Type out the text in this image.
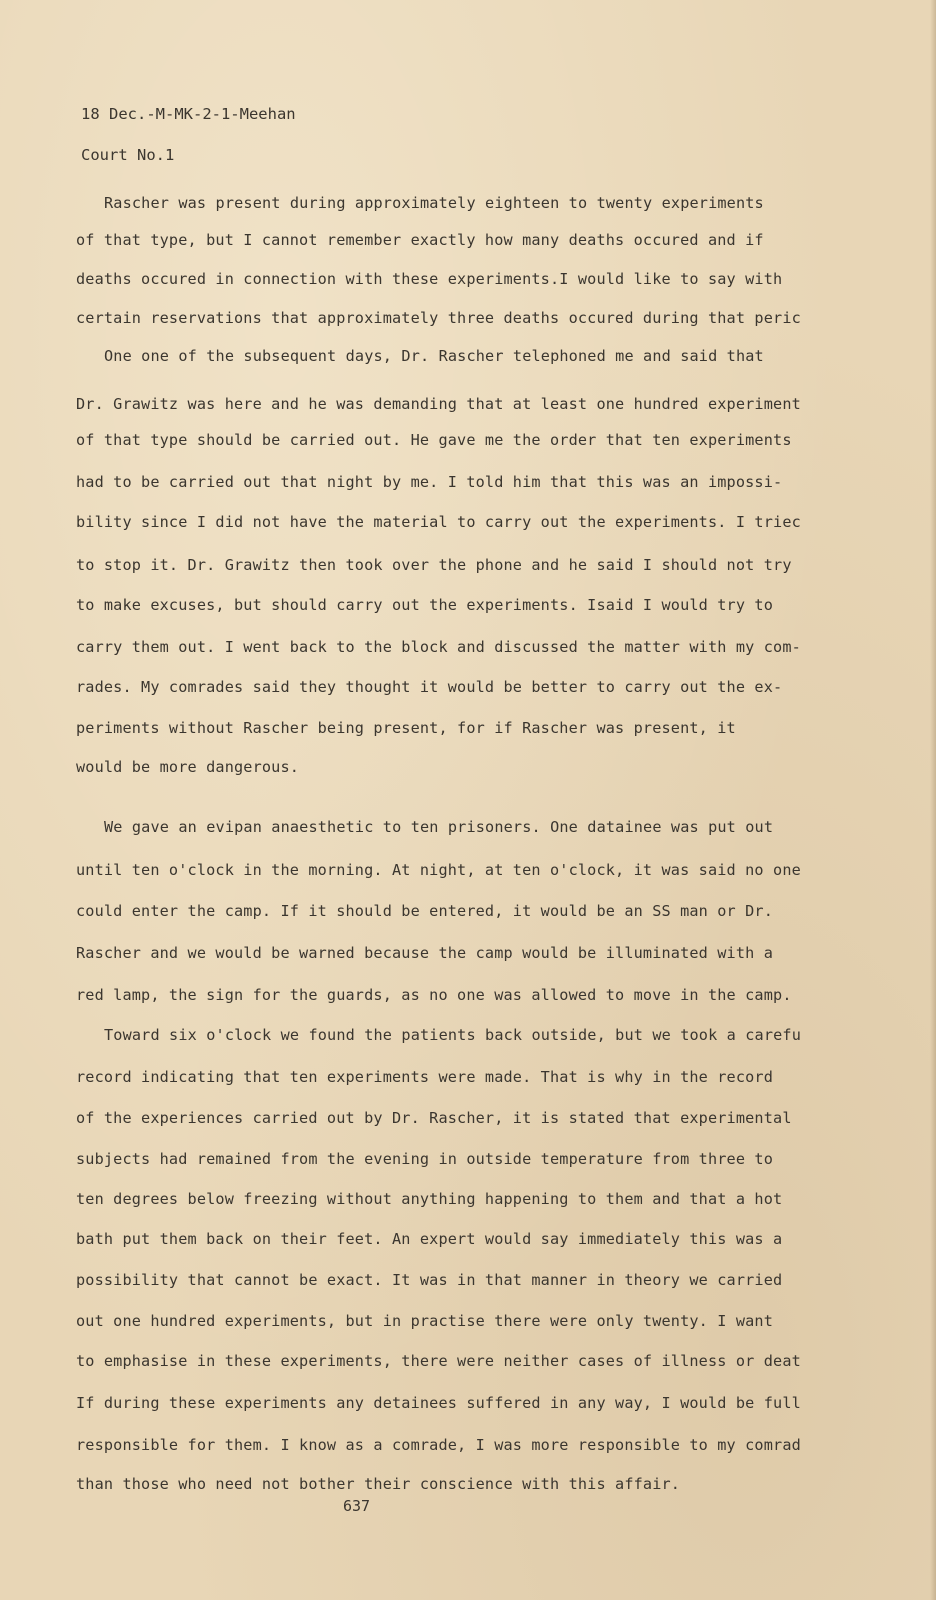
18 Dec.-M-MK-2-1-Meehan
Court No.1
Rascher was present during approximately eighteen to twenty experiments
of that type, but I cannot remember exactly how many deaths occured and if
deaths occured in connection with these experiments.I would like to say with
certain reservations that approximately three deaths occured during that peric
One one of the subsequent days, Dr. Rascher telephoned me and said that
Dr. Grawitz was here and he was demanding that at least one hundred experiment
of that type should be carried out. He gave me the order that ten experiments
had to be carried out that night by me. I told him that this was an impossi-
bility since I did not have the material to carry out the experiments. I triec
to stop it. Dr. Grawitz then took over the phone and he said I should not try
to make excuses, but should carry out the experiments. Isaid I would try to
carry them out. I went back to the block and discussed the matter with my com-
rades. My comrades said they thought it would be better to carry out the ex-
periments without Rascher being present, for if Rascher was present, it
would be more dangerous.
We gave an evipan anaesthetic to ten prisoners. One datainee was put out
until ten o'clock in the morning. At night, at ten o'clock, it was said no one
could enter the camp. If it should be entered, it would be an SS man or Dr.
Rascher and we would be warned because the camp would be illuminated with a
red lamp, the sign for the guards, as no one was allowed to move in the camp.
Toward six o'clock we found the patients back outside, but we took a carefu
record indicating that ten experiments were made. That is why in the record
of the experiences carried out by Dr. Rascher, it is stated that experimental
subjects had remained from the evening in outside temperature from three to
ten degrees below freezing without anything happening to them and that a hot
bath put them back on their feet. An expert would say immediately this was a
possibility that cannot be exact. It was in that manner in theory we carried
out one hundred experiments, but in practise there were only twenty. I want
to emphasise in these experiments, there were neither cases of illness or deat
If during these experiments any detainees suffered in any way, I would be full
responsible for them. I know as a comrade, I was more responsible to my comrad
than those who need not bother their conscience with this affair.
637
